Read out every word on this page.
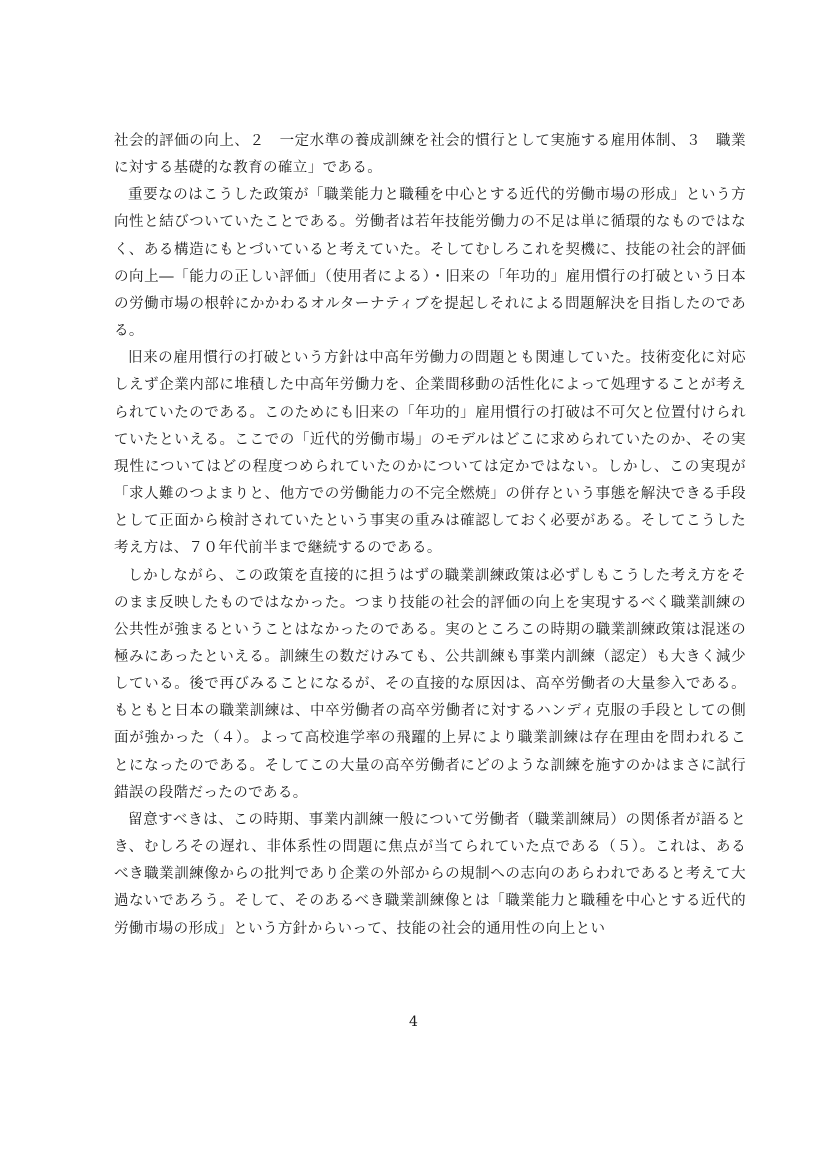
社会的評価の向上、２　一定水準の養成訓練を社会的慣行として実施する雇用体制、３　職業に対する基礎的な教育の確立」である。

重要なのはこうした政策が「職業能力と職種を中心とする近代的労働市場の形成」という方向性と結びついていたことである。労働者は若年技能労働力の不足は単に循環的なものではなく、ある構造にもとづいていると考えていた。そしてむしろこれを契機に、技能の社会的評価の向上―「能力の正しい評価」（使用者による）・旧来の「年功的」雇用慣行の打破という日本の労働市場の根幹にかかわるオルターナティブを提起しそれによる問題解決を目指したのである。

旧来の雇用慣行の打破という方針は中高年労働力の問題とも関連していた。技術変化に対応しえず企業内部に堆積した中高年労働力を、企業間移動の活性化によって処理することが考えられていたのである。このためにも旧来の「年功的」雇用慣行の打破は不可欠と位置付けられていたといえる。ここでの「近代的労働市場」のモデルはどこに求められていたのか、その実現性についてはどの程度つめられていたのかについては定かではない。しかし、この実現が「求人難のつよまりと、他方での労働能力の不完全燃焼」の併存という事態を解決できる手段として正面から検討されていたという事実の重みは確認しておく必要がある。そしてこうした考え方は、７０年代前半まで継続するのである。

しかしながら、この政策を直接的に担うはずの職業訓練政策は必ずしもこうした考え方をそのまま反映したものではなかった。つまり技能の社会的評価の向上を実現するべく職業訓練の公共性が強まるということはなかったのである。実のところこの時期の職業訓練政策は混迷の極みにあったといえる。訓練生の数だけみても、公共訓練も事業内訓練（認定）も大きく減少している。後で再びみることになるが、その直接的な原因は、高卒労働者の大量参入である。もともと日本の職業訓練は、中卒労働者の高卒労働者に対するハンディ克服の手段としての側面が強かった（４）。よって高校進学率の飛躍的上昇により職業訓練は存在理由を問われることになったのである。そしてこの大量の高卒労働者にどのような訓練を施すのかはまさに試行錯誤の段階だったのである。

留意すべきは、この時期、事業内訓練一般について労働者（職業訓練局）の関係者が語るとき、むしろその遅れ、非体系性の問題に焦点が当てられていた点である（５）。これは、あるべき職業訓練像からの批判であり企業の外部からの規制への志向のあらわれであると考えて大過ないであろう。そして、そのあるべき職業訓練像とは「職業能力と職種を中心とする近代的労働市場の形成」という方針からいって、技能の社会的通用性の向上とい

4
